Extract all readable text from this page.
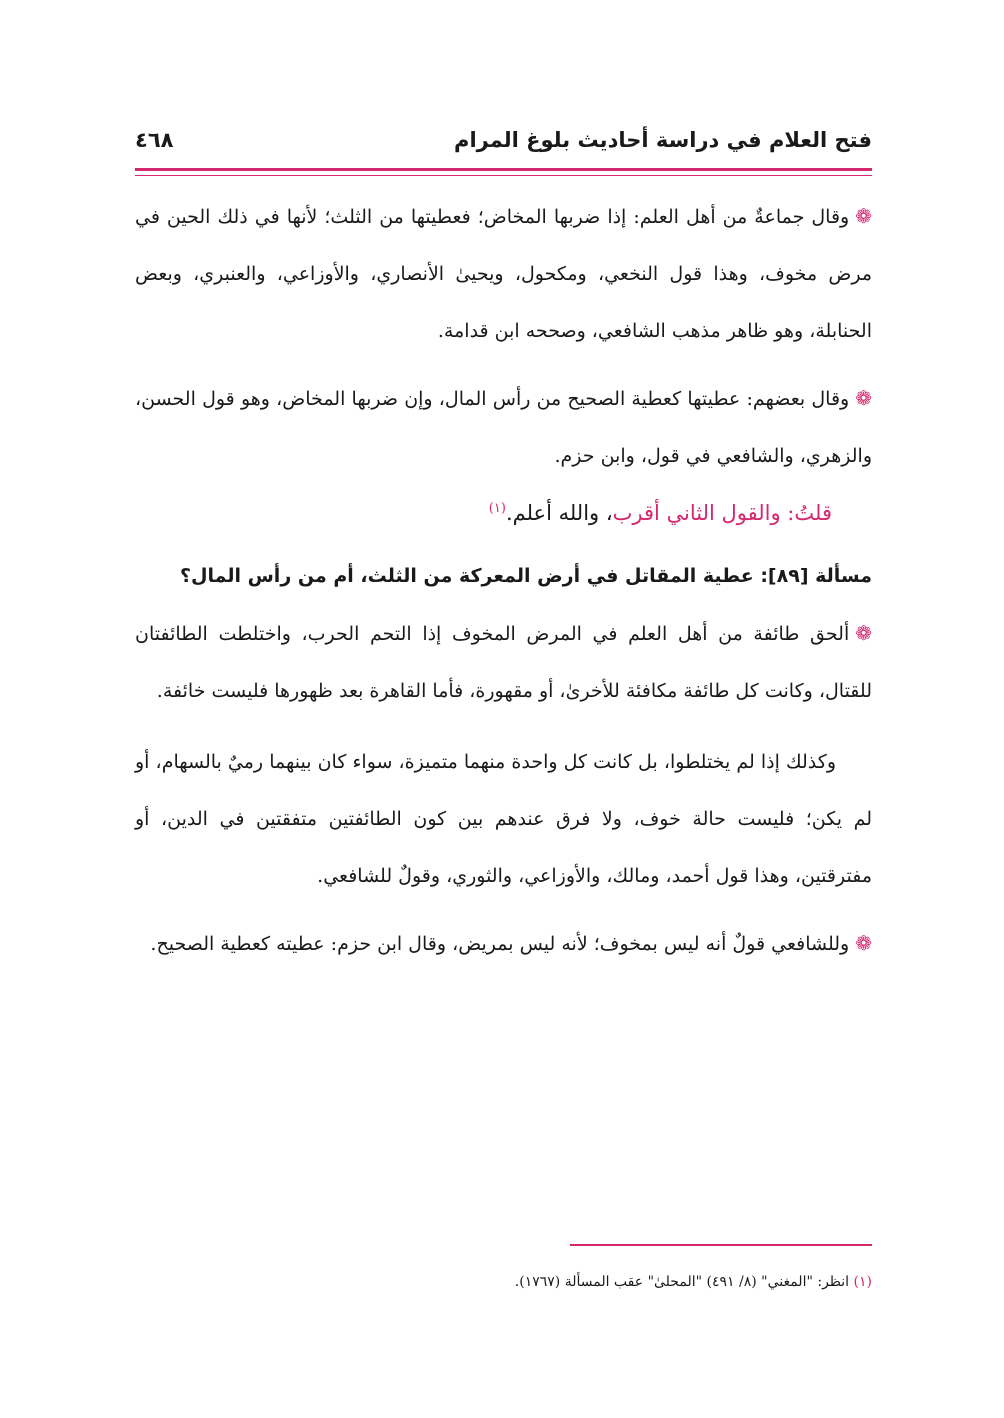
فتح العلام في دراسة أحاديث بلوغ المرام
٤٦٨

❁وقال جماعةٌ من أهل العلم: إذا ضربها المخاض؛ فعطيتها من الثلث؛ لأنها في ذلك الحين في مرض مخوف، وهذا قول النخعي، ومكحول، ويحيىٰ الأنصاري، والأوزاعي، والعنبري، وبعض الحنابلة، وهو ظاهر مذهب الشافعي، وصححه ابن قدامة.

❁وقال بعضهم: عطيتها كعطية الصحيح من رأس المال، وإن ضربها المخاض، وهو قول الحسن، والزهري، والشافعي في قول، وابن حزم.

قلتُ: والقول الثاني أقرب، والله أعلم.$^{(١)}$

مسألة [٨٩]: عطية المقاتل في أرض المعركة من الثلث، أم من رأس المال؟

❁ألحق طائفة من أهل العلم في المرض المخوف إذا التحم الحرب، واختلطت الطائفتان للقتال، وكانت كل طائفة مكافئة للأخرىٰ، أو مقهورة، فأما القاهرة بعد ظهورها فليست خائفة.

وكذلك إذا لم يختلطوا، بل كانت كل واحدة منهما متميزة، سواء كان بينهما رميٌ بالسهام، أو لم يكن؛ فليست حالة خوف، ولا فرق عندهم بين كون الطائفتين متفقتين في الدين، أو مفترقتين، وهذا قول أحمد، ومالك، والأوزاعي، والثوري، وقولٌ للشافعي.

❁وللشافعي قولٌ أنه ليس بمخوف؛ لأنه ليس بمريض، وقال ابن حزم: عطيته كعطية الصحيح.

(١) انظر: "المغني" (٨/ ٤٩١) "المحلىٰ" عقب المسألة (١٧٦٧).
